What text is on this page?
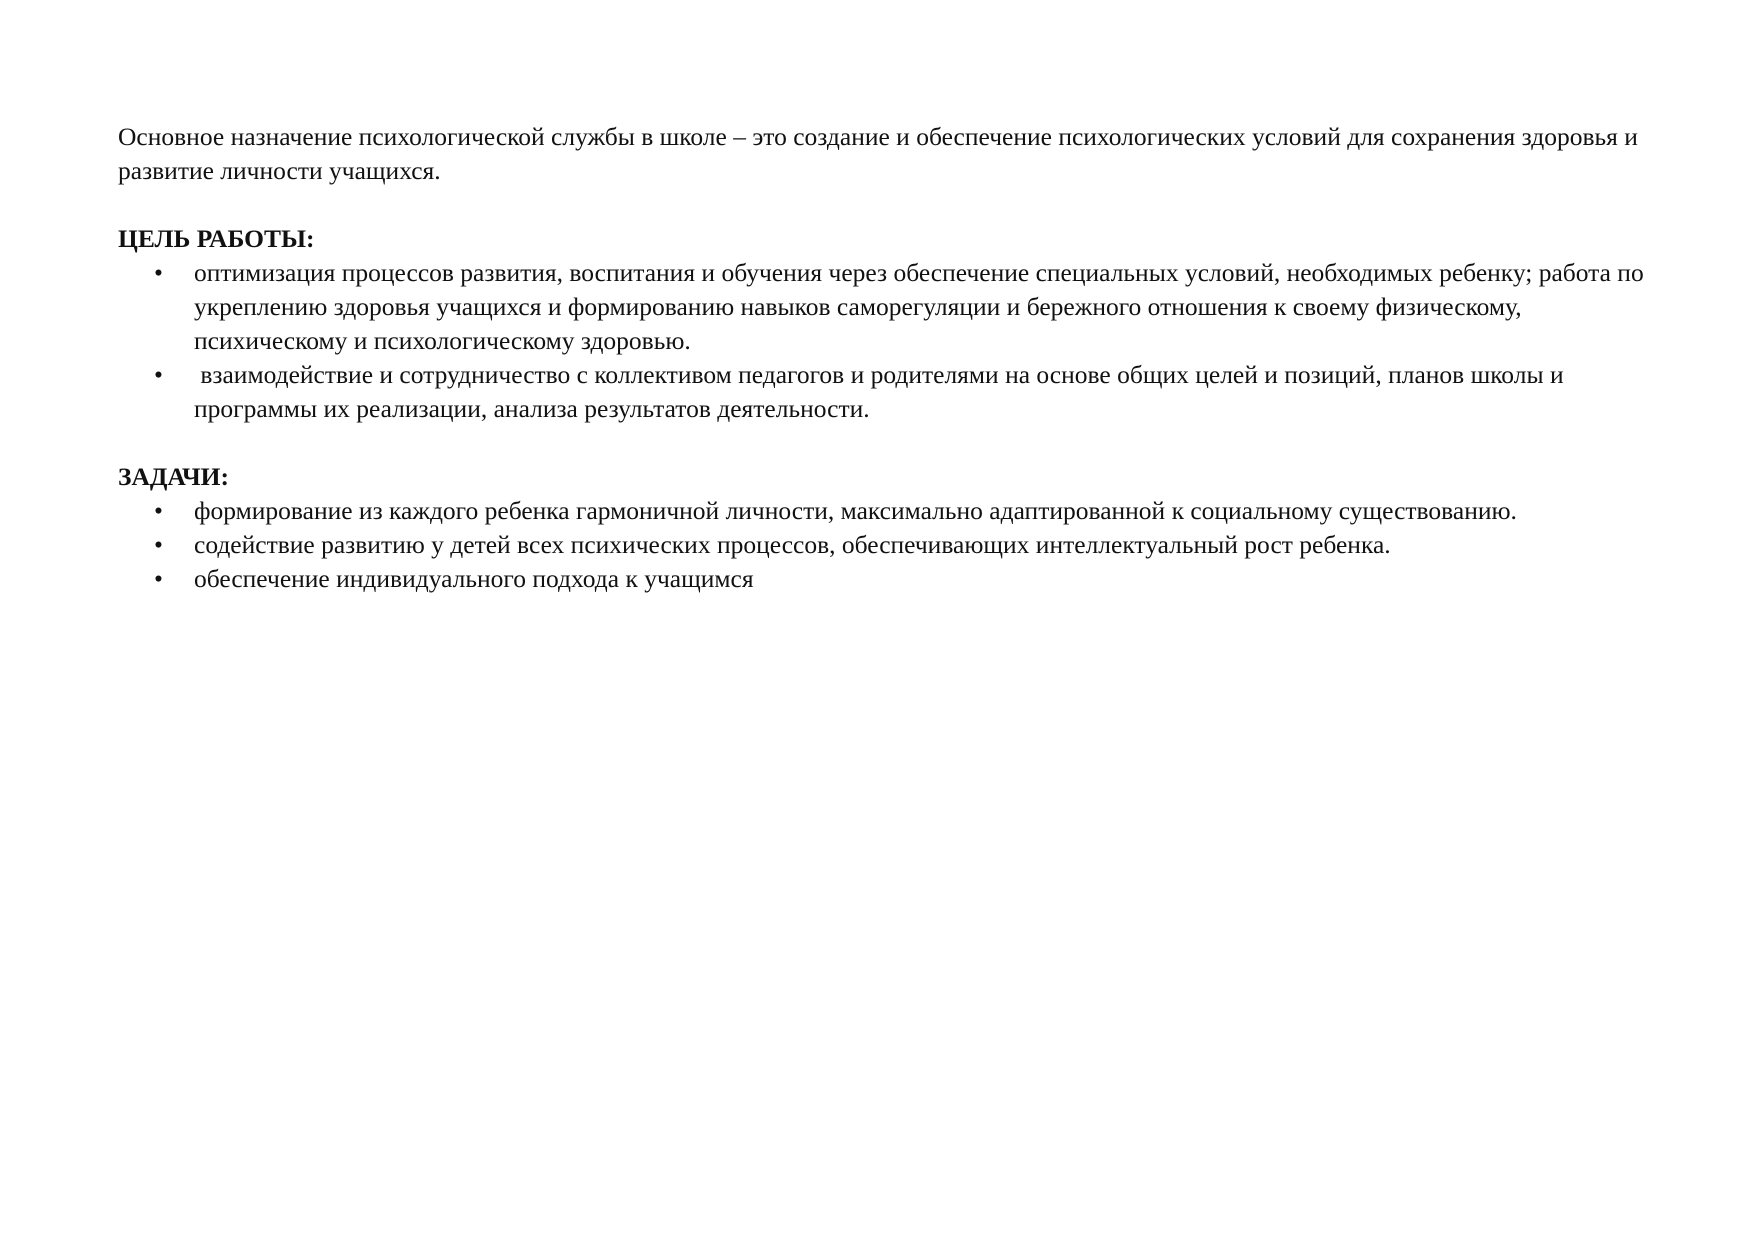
Основное назначение психологической службы в школе – это создание и обеспечение психологических условий для сохранения здоровья и развитие личности учащихся.

ЦЕЛЬ РАБОТЫ:
• оптимизация процессов развития, воспитания и обучения через обеспечение специальных условий, необходимых ребенку; работа по укреплению здоровья учащихся и формированию навыков саморегуляции и бережного отношения к своему физическому, психическому и психологическому здоровью.
• взаимодействие и сотрудничество с коллективом педагогов и родителями на основе общих целей и позиций, планов школы и программы их реализации, анализа результатов деятельности.
ЗАДАЧИ:
• формирование из каждого ребенка гармоничной личности, максимально адаптированной к социальному существованию.
• содействие развитию у детей всех психических процессов, обеспечивающих интеллектуальный рост ребенка.
• обеспечение индивидуального подхода к учащимся
